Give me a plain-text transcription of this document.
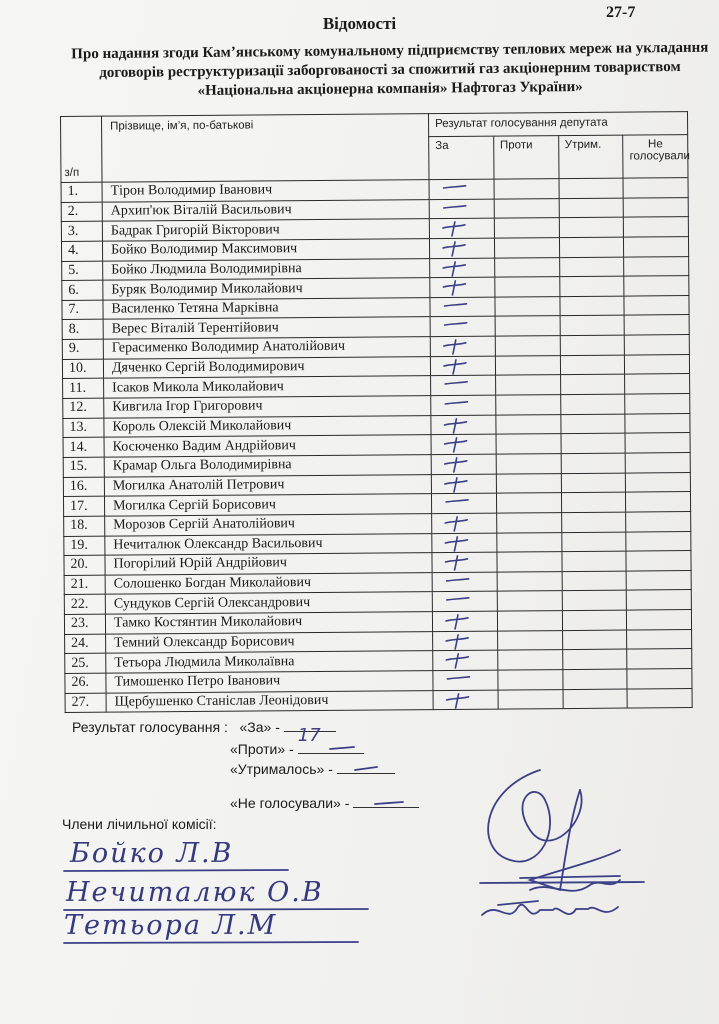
27-7
Відомості
Про надання згоди Кам’янському комунальному підприємству теплових мереж на укладання договорів реструктуризації заборгованості за спожитий газ акціонерним товариством «Національна акціонерна компанія» Нафтогаз України»
з/п	Прізвище, ім’я, по-батькові	Результат голосування депутата			
		За	Проти	Утрим.	Не голосували
1.	Тірон Володимир Іванович	

2.	Архип'юк Віталій Васильович	

3.	Бадрак Григорій Вікторович	

4.	Бойко Володимир Максимович	

5.	Бойко Людмила Володимирівна	

6.	Буряк Володимир Миколайович	

7.	Василенко Тетяна Марківна	

8.	Верес Віталій Терентійович	

9.	Герасименко Володимир Анатолійович	

10.	Дяченко Сергій Володимирович	

11.	Ісаков Микола Миколайович	

12.	Кивгила Ігор Григорович	

13.	Король Олексій Миколайович	

14.	Косюченко Вадим Андрійович	

15.	Крамар Ольга Володимирівна	

16.	Могилка Анатолій Петрович	

17.	Могилка Сергій Борисович	

18.	Морозов Сергій Анатолійович	

19.	Нечиталюк Олександр Васильович	

20.	Погорілий Юрій Андрійович	

21.	Солошенко Богдан Миколайович	

22.	Сундуков Сергій Олександрович	

23.	Тамко Костянтин Миколайович	

24.	Темний Олександр Борисович	

25.	Тетьора Людмила Миколаївна	

26.	Тимошенко Петро Іванович	

27.	Щербушенко Станіслав Леонідович	

Результат голосування : «За» - 17
«Проти» -
«Утрималось» -
«Не голосували» -
Члени лічильної комісії:
Бойко Л.В
Нечиталюк О.В
Тетьора Л.М
